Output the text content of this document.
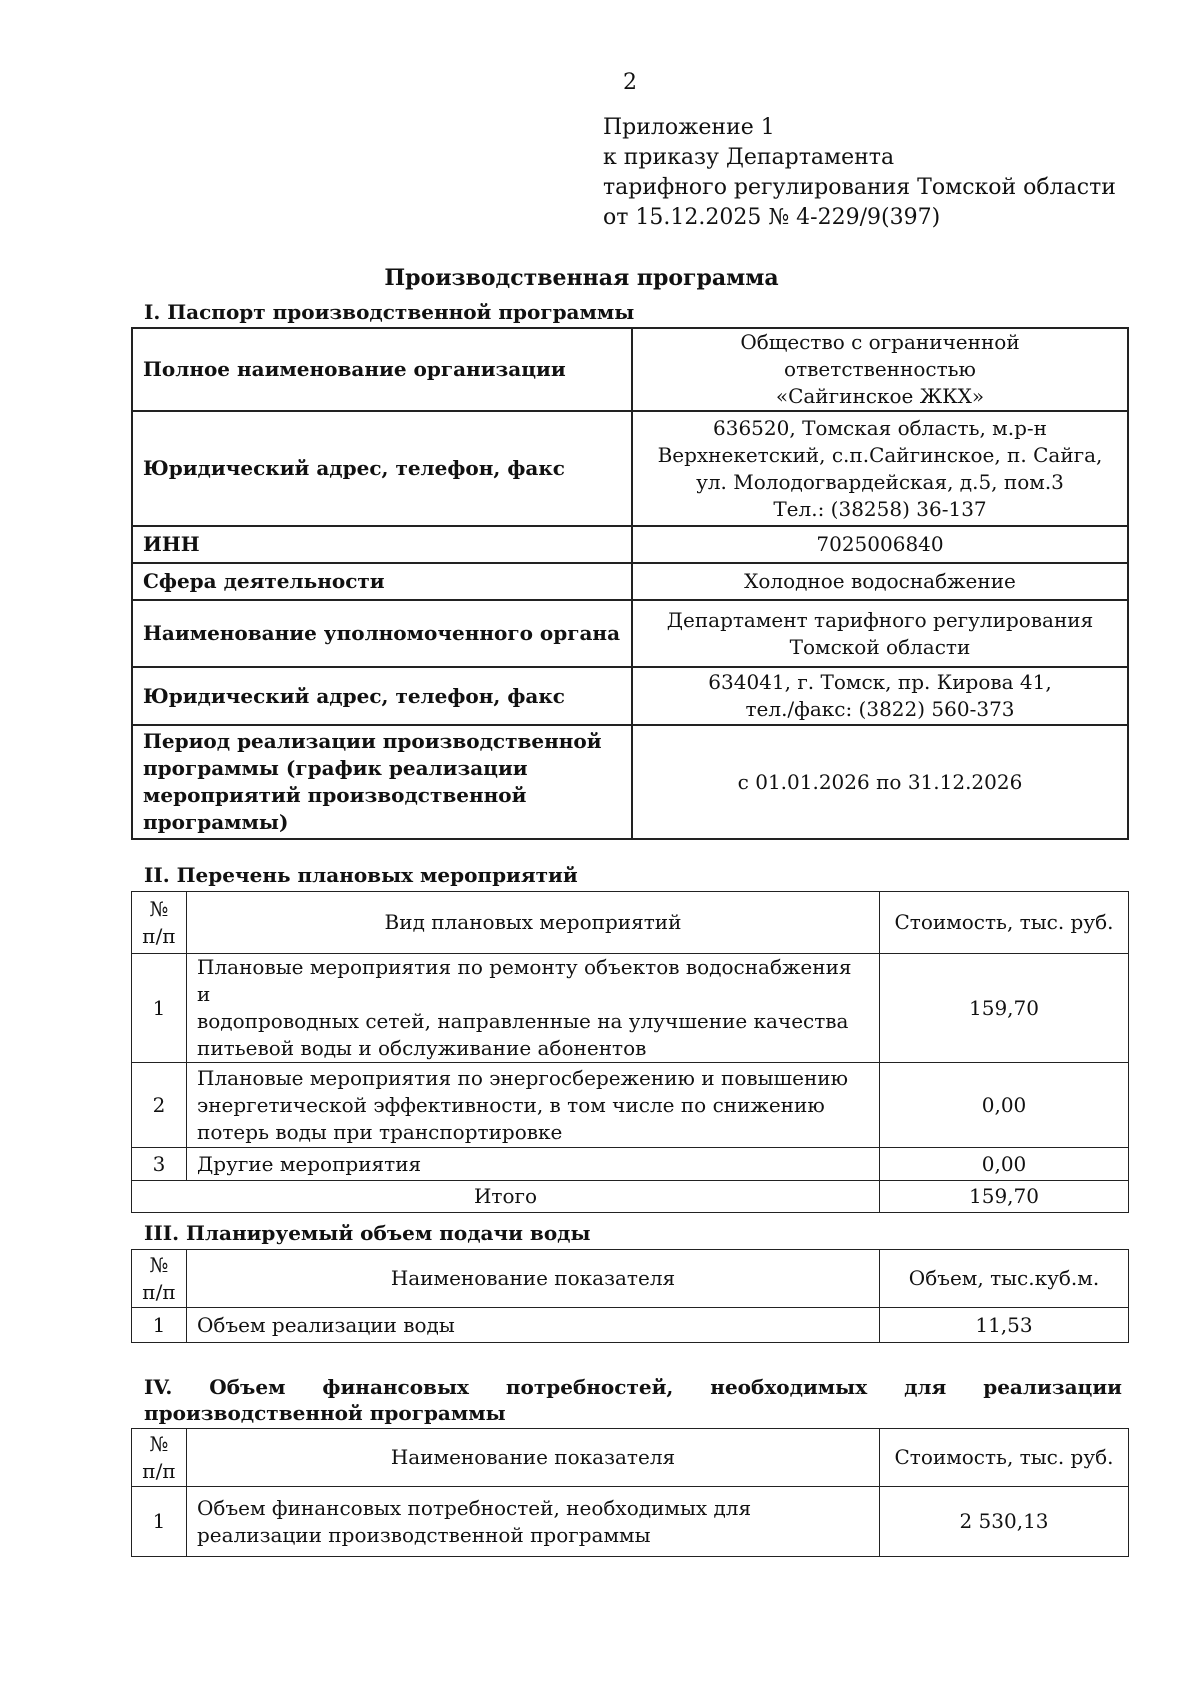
2
Приложение 1
к приказу Департамента
тарифного регулирования Томской области
от 15.12.2025 № 4-229/9(397)
Производственная программа
I. Паспорт производственной программы
Полное наименование организации	Общество с ограниченной ответственностью
«Сайгинское ЖКХ»

Юридический адрес, телефон, факс	636520, Томская область, м.р-н
Верхнекетский, с.п.Сайгинское, п. Сайга,
ул. Молодогвардейская, д.5, пом.3
Тел.: (38258) 36-137

ИНН	7025006840

Сфера деятельности	Холодное водоснабжение

Наименование уполномоченного органа	Департамент тарифного регулирования
Томской области

Юридический адрес, телефон, факс	634041, г. Томск, пр. Кирова 41,
тел./факс: (3822) 560-373

Период реализации производственной
программы (график реализации
мероприятий производственной
программы)	с 01.01.2026 по 31.12.2026
II. Перечень плановых мероприятий
№
п/п	Вид плановых мероприятий	Стоимость, тыс. руб.
1	Плановые мероприятия по ремонту объектов водоснабжения и
водопроводных сетей, направленные на улучшение качества
питьевой воды и обслуживание абонентов	159,70
2	Плановые мероприятия по энергосбережению и повышению
энергетической эффективности, в том числе по снижению
потерь воды при транспортировке	0,00
3	Другие мероприятия	0,00
Итого		159,70
III. Планируемый объем подачи воды
№
п/п	Наименование показателя	Объем, тыс.куб.м.
1	Объем реализации воды	11,53
IV. Объем финансовых потребностей, необходимых для реализации производственной программы
№
п/п	Наименование показателя	Стоимость, тыс. руб.
1	Объем финансовых потребностей, необходимых для
реализации производственной программы	2 530,13
